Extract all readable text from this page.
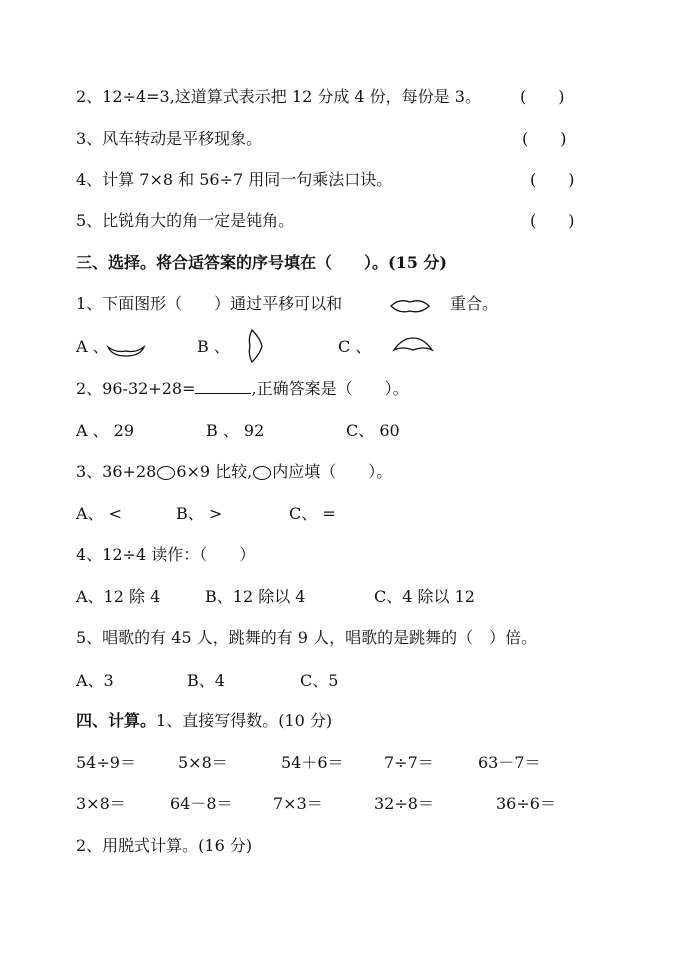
2、12÷4=3,这道算式表示把 12 分成 4 份，每份是 3。 (　　)
3、风车转动是平移现象。	(　　)
4、计算 7×8 和 56÷7 用同一句乘法口诀。	(　　)
5、比锐角大的角一定是钝角。	(　　)
三、选择。将合适答案的序号填在（　　）。(15 分)
1、下面图形（　　）通过平移可以和	重合。
A 、	B 、	C 、
2、96-32+28=	,正确答案是（　　）。
A 、 29	B 、 92	C、 60
3、36+28 6×9 比较, 内应填（　　）。
A、 <	B、 >	C、 =
4、12÷4 读作：（　　）
A、12 除 4	B、12 除以 4	C、4 除以 12
5、唱歌的有 45 人，跳舞的有 9 人，唱歌的是跳舞的（　）倍。
A、3	B、4	C、5
四、计算。1、直接写得数。(10 分)
54÷9＝	5×8＝	54＋6＝	7÷7＝	63－7＝
3×8＝	64－8＝	7×3＝	32÷8＝	36÷6＝
2、用脱式计算。(16 分)
